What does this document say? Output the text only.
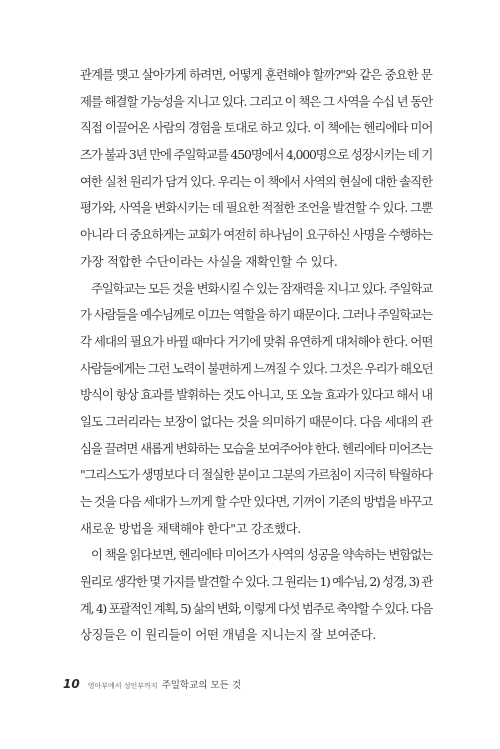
관계를 맺고 살아가게 하려면, 어떻게 훈련해야 할까?"와 같은 중요한 문
제를 해결할 가능성을 지니고 있다. 그리고 이 책은 그 사역을 수십 년 동안
직접 이끌어온 사람의 경험을 토대로 하고 있다. 이 책에는 헨리에타 미어
즈가 불과 3년 만에 주일학교를 450명에서 4,000명으로 성장시키는 데 기
여한 실천 원리가 담겨 있다. 우리는 이 책에서 사역의 현실에 대한 솔직한
평가와, 사역을 변화시키는 데 필요한 적절한 조언을 발견할 수 있다. 그뿐
아니라 더 중요하게는 교회가 여전히 하나님이 요구하신 사명을 수행하는
가장 적합한 수단이라는 사실을 재확인할 수 있다.
주일학교는 모든 것을 변화시킬 수 있는 잠재력을 지니고 있다. 주일학교
가 사람들을 예수님께로 이끄는 역할을 하기 때문이다. 그러나 주일학교는
각 세대의 필요가 바뀔 때마다 거기에 맞춰 유연하게 대처해야 한다. 어떤
사람들에게는 그런 노력이 불편하게 느껴질 수 있다. 그것은 우리가 해오던
방식이 항상 효과를 발휘하는 것도 아니고, 또 오늘 효과가 있다고 해서 내
일도 그러리라는 보장이 없다는 것을 의미하기 때문이다. 다음 세대의 관
심을 끌려면 새롭게 변화하는 모습을 보여주어야 한다. 헨리에타 미어즈는
"그리스도가 생명보다 더 절실한 분이고 그분의 가르침이 지극히 탁월하다
는 것을 다음 세대가 느끼게 할 수만 있다면, 기꺼이 기존의 방법을 바꾸고
새로운 방법을 채택해야 한다"고 강조했다.
이 책을 읽다보면, 헨리에타 미어즈가 사역의 성공을 약속하는 변함없는
원리로 생각한 몇 가지를 발견할 수 있다. 그 원리는 1) 예수님, 2) 성경, 3) 관
계, 4) 포괄적인 계획, 5) 삶의 변화, 이렇게 다섯 범주로 축약할 수 있다. 다음
상징들은 이 원리들이 어떤 개념을 지니는지 잘 보여준다.
10 영아부에서 성인부까지 주일학교의 모든 것
